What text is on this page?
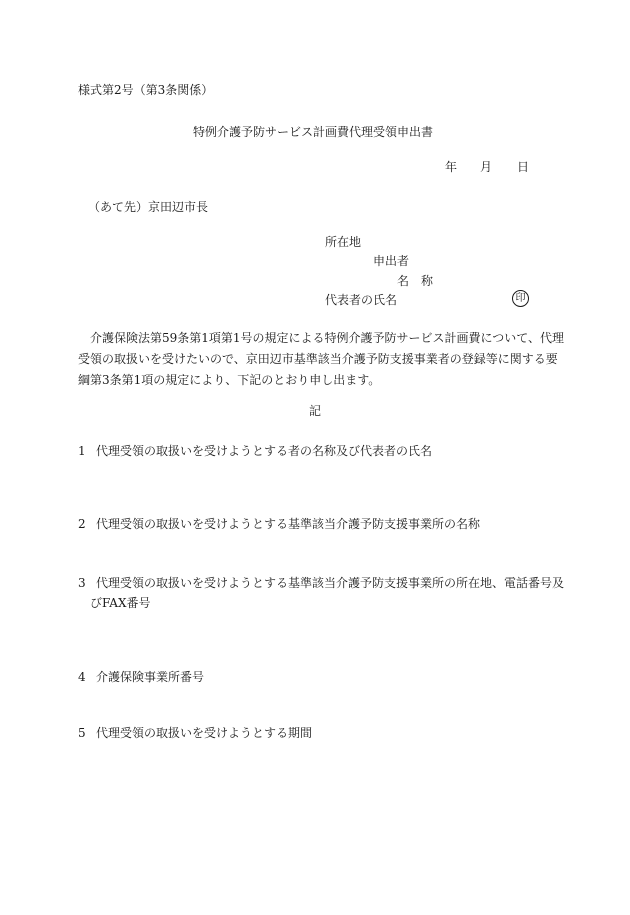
様式第2号（第3条関係）
特例介護予防サービス計画費代理受領申出書
年 月 日
（あて先）京田辺市長
所在地
申出者
名 称
代表者の氏名	印
　介護保険法第59条第1項第1号の規定による特例介護予防サービス計画費について、代理
受領の取扱いを受けたいので、京田辺市基準該当介護予防支援事業者の登録等に関する要
綱第3条第1項の規定により、下記のとおり申し出ます。
記
1 代理受領の取扱いを受けようとする者の名称及び代表者の氏名
2 代理受領の取扱いを受けようとする基準該当介護予防支援事業所の名称
3 代理受領の取扱いを受けようとする基準該当介護予防支援事業所の所在地、電話番号及
びFAX番号
4 介護保険事業所番号
5 代理受領の取扱いを受けようとする期間
